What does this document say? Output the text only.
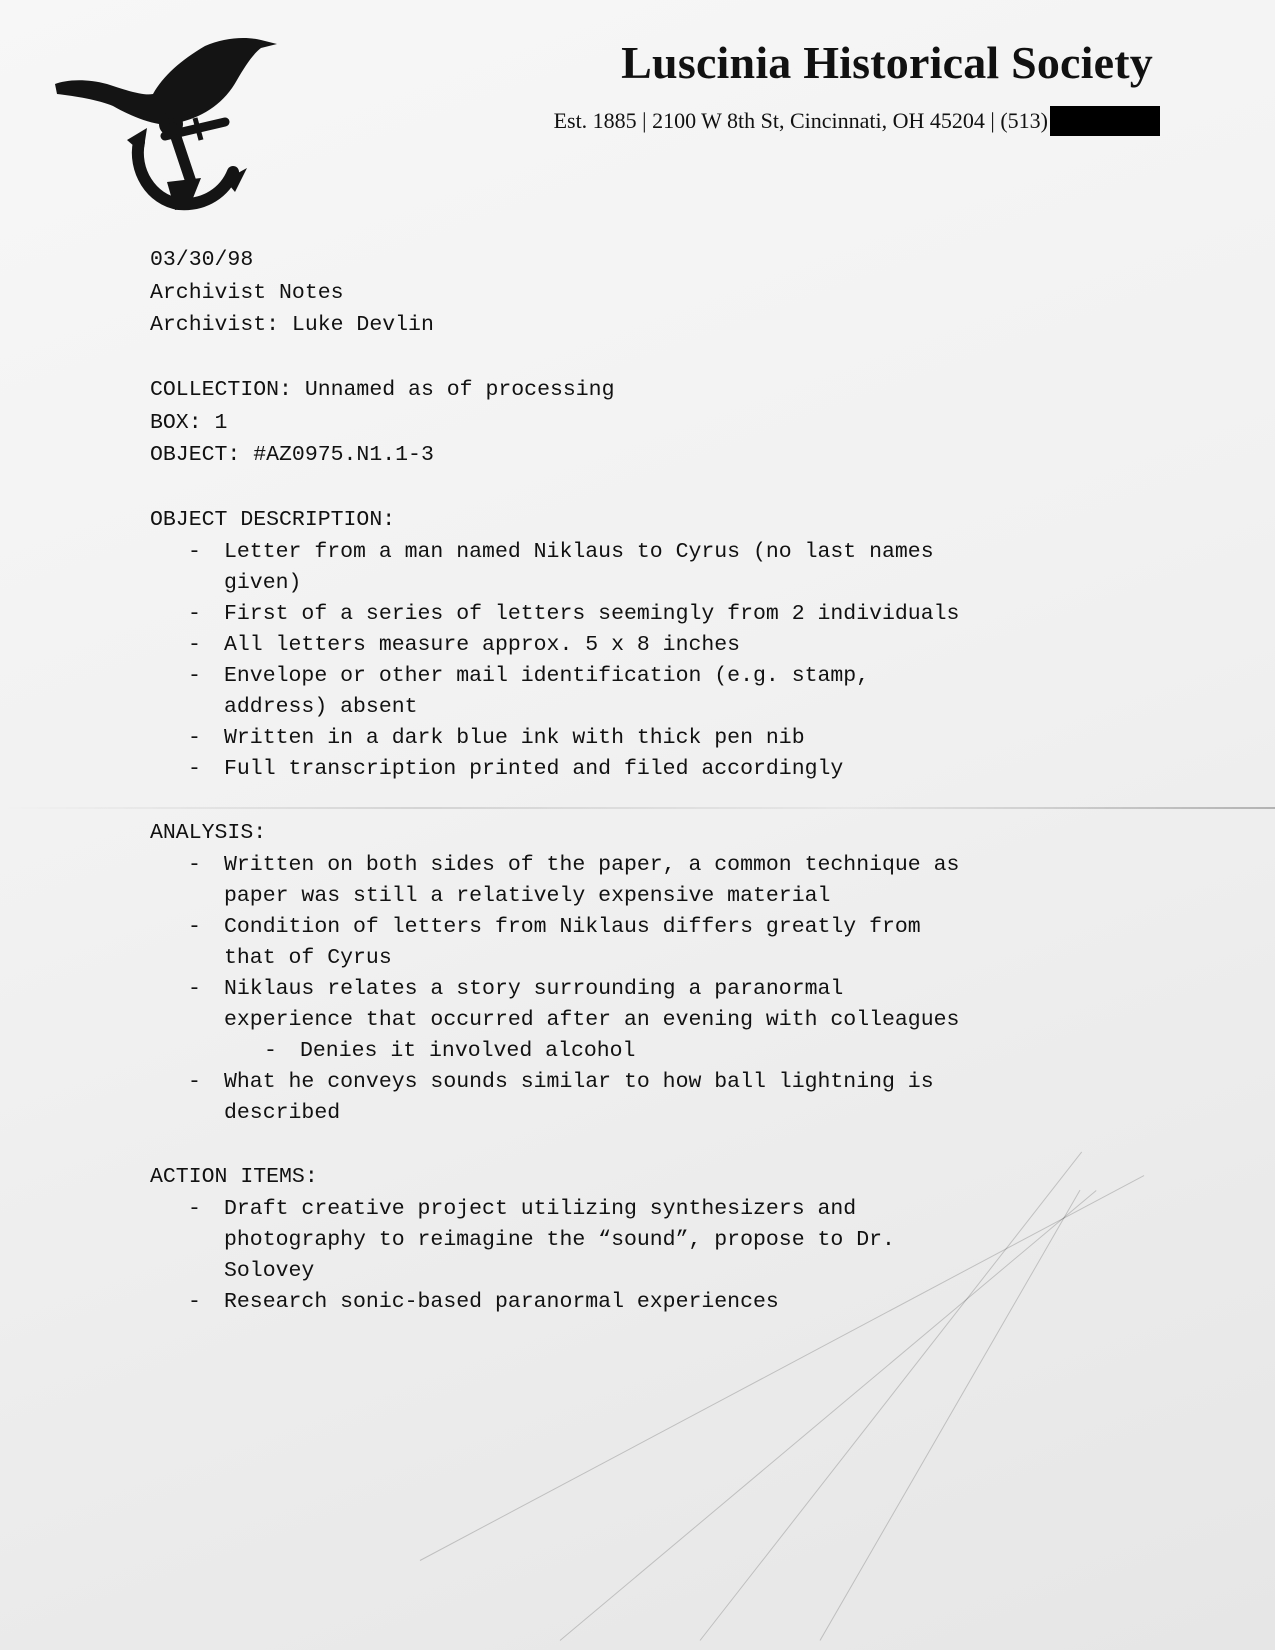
Luscinia Historical Society
Est. 1885 | 2100 W 8th St, Cincinnati, OH 45204 | (513)
03/30/98
Archivist Notes
Archivist: Luke Devlin
COLLECTION: Unnamed as of processing
BOX: 1
OBJECT: #AZ0975.N1.1-3
OBJECT DESCRIPTION:
- Letter from a man named Niklaus to Cyrus (no last names given)
- First of a series of letters seemingly from 2 individuals
- All letters measure approx. 5 x 8 inches
- Envelope or other mail identification (e.g. stamp, address) absent
- Written in a dark blue ink with thick pen nib
- Full transcription printed and filed accordingly
ANALYSIS:
- Written on both sides of the paper, a common technique as paper was still a relatively expensive material
- Condition of letters from Niklaus differs greatly from that of Cyrus
- Niklaus relates a story surrounding a paranormal experience that occurred after an evening with colleagues
- Denies it involved alcohol
- What he conveys sounds similar to how ball lightning is described
ACTION ITEMS:
- Draft creative project utilizing synthesizers and photography to reimagine the “sound”, propose to Dr. Solovey
- Research sonic-based paranormal experiences
